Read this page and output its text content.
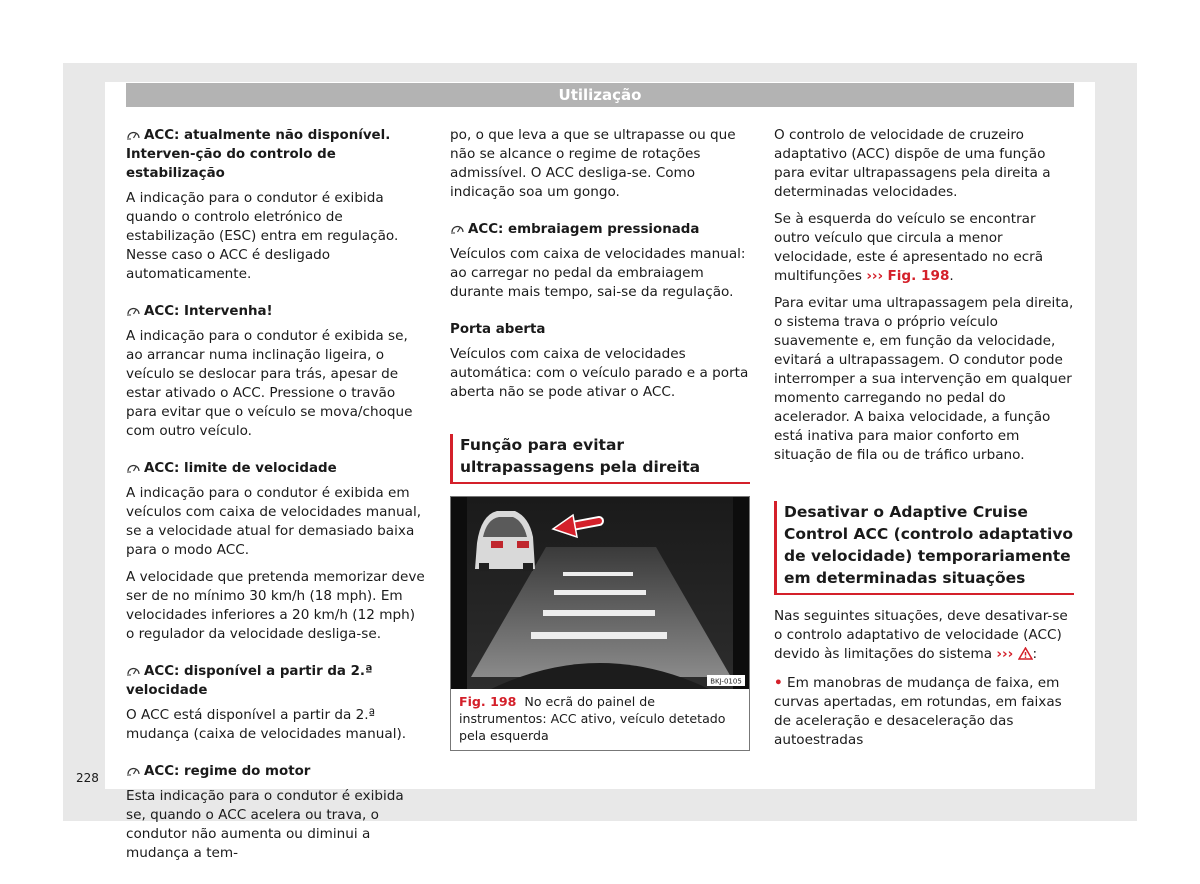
Utilização

ACC: atualmente não disponível. Interven-ção do controlo de estabilização

A indicação para o condutor é exibida quando o controlo eletrónico de estabilização (ESC) entra em regulação. Nesse caso o ACC é desligado automaticamente.

ACC: Intervenha!

A indicação para o condutor é exibida se, ao arrancar numa inclinação ligeira, o veículo se deslocar para trás, apesar de estar ativado o ACC. Pressione o travão para evitar que o veículo se mova/choque com outro veículo.

ACC: limite de velocidade

A indicação para o condutor é exibida em veículos com caixa de velocidades manual, se a velocidade atual for demasiado baixa para o modo ACC.

A velocidade que pretenda memorizar deve ser de no mínimo 30 km/h (18 mph). Em velocidades inferiores a 20 km/h (12 mph) o regulador da velocidade desliga-se.

ACC: disponível a partir da 2.ª velocidade

O ACC está disponível a partir da 2.ª mudança (caixa de velocidades manual).

ACC: regime do motor

Esta indicação para o condutor é exibida se, quando o ACC acelera ou trava, o condutor não aumenta ou diminui a mudança a tem-

po, o que leva a que se ultrapasse ou que não se alcance o regime de rotações admissível. O ACC desliga-se. Como indicação soa um gongo.

ACC: embraiagem pressionada

Veículos com caixa de velocidades manual: ao carregar no pedal da embraiagem durante mais tempo, sai-se da regulação.

Porta aberta

Veículos com caixa de velocidades automática: com o veículo parado e a porta aberta não se pode ativar o ACC.

Função para evitar ultrapassagens pela direita
BKJ-0105
Fig. 198 No ecrã do painel de instrumentos: ACC ativo, veículo detetado pela esquerda

O controlo de velocidade de cruzeiro adaptativo (ACC) dispõe de uma função para evitar ultrapassagens pela direita a determinadas velocidades.

Se à esquerda do veículo se encontrar outro veículo que circula a menor velocidade, este é apresentado no ecrã multifunções ››› Fig. 198.

Para evitar uma ultrapassagem pela direita, o sistema trava o próprio veículo suavemente e, em função da velocidade, evitará a ultrapassagem. O condutor pode interromper a sua intervenção em qualquer momento carregando no pedal do acelerador. A baixa velocidade, a função está inativa para maior conforto em situação de fila ou de tráfico urbano.

Desativar o Adaptive Cruise Control ACC (controlo adaptativo de velocidade) temporariamente em determinadas situações

Nas seguintes situações, deve desativar-se o controlo adaptativo de velocidade (ACC) devido às limitações do sistema ››› :

• Em manobras de mudança de faixa, em curvas apertadas, em rotundas, em faixas de aceleração e desaceleração das autoestradas

228
